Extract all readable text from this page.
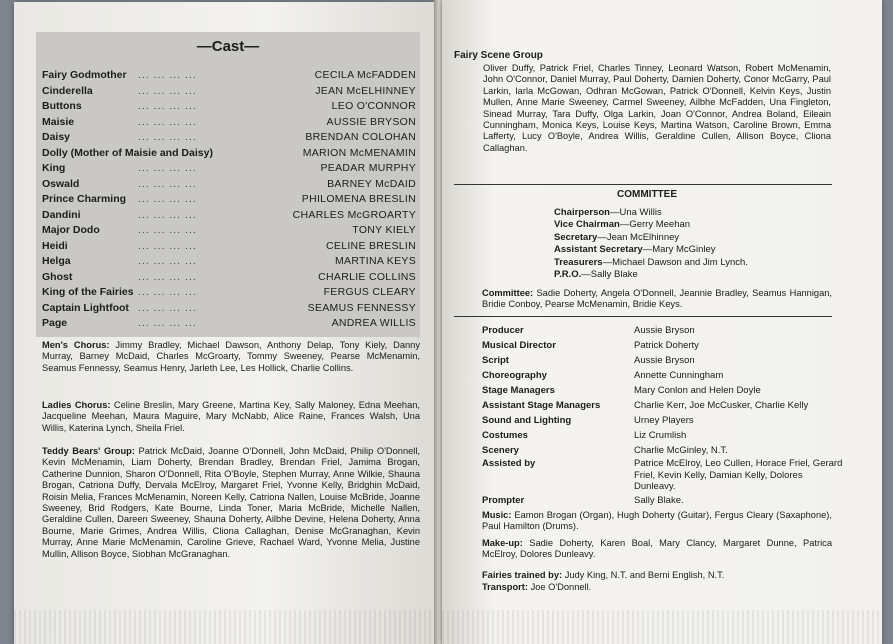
—Cast—
Fairy Godmother ... ... ... ...	CECILA McFADDEN
Cinderella	... ... ... ...	JEAN McELHINNEY
Buttons	... ... ... ...	LEO O'CONNOR
Maisie	... ... ... ...	AUSSIE BRYSON
Daisy	... ... ... ...	BRENDAN COLOHAN
Dolly (Mother of Maisie and Daisy)	MARION McMENAMIN
King	... ... ... ...	PEADAR MURPHY
Oswald	... ... ... ...	BARNEY McDAID
Prince Charming ... ... ... ...	PHILOMENA BRESLIN
Dandini	... ... ... ...	CHARLES McGROARTY
Major Dodo	... ... ... ...	TONY KIELY
Heidi	... ... ... ...	CELINE BRESLIN
Helga	... ... ... ...	MARTINA KEYS
Ghost	... ... ... ...	CHARLIE COLLINS
King of the Fairies ... ... ... ...	FERGUS CLEARY
Captain Lightfoot ... ... ... ...	SEAMUS FENNESSY
Page	... ... ... ...	ANDREA WILLIS
Men's Chorus: Jimmy Bradley, Michael Dawson, Anthony Delap, Tony Kiely, Danny Murray, Barney McDaid, Charles McGroarty, Tommy Sweeney, Pearse McMenamin, Seamus Fennessy, Seamus Henry, Jarleth Lee, Les Hollick, Charlie Collins.
Ladies Chorus: Celine Breslin, Mary Greene, Martina Key, Sally Maloney, Edna Meehan, Jacqueline Meehan, Maura Maguire, Mary McNabb, Alice Raine, Frances Walsh, Una Willis, Katerina Lynch, Sheila Friel.
Teddy Bears' Group: Patrick McDaid, Joanne O'Donnell, John McDaid, Philip O'Donnell, Kevin McMenamin, Liam Doherty, Brendan Bradley, Brendan Friel, Jamima Brogan, Catherine Dunnion, Sharon O'Donnell, Rita O'Boyle, Stephen Murray, Anne Wilkie, Shauna Brogan, Catriona Duffy, Dervala McElroy, Margaret Friel, Yvonne Kelly, Bridghin McDaid, Roisin Melia, Frances McMenamin, Noreen Kelly, Catriona Nallen, Louise McBride, Joanne Sweeney, Brid Rodgers, Kate Bourne, Linda Toner, Maria McBride, Michelle Nallen, Geraldine Cullen, Dareen Sweeney, Shauna Doherty, Ailbhe Devine, Helena Doherty, Anna Bourne, Marie Grimes, Andrea Willis, Cliona Callaghan, Denise McGranaghan, Kevin Murray, Anne Marie McMenamin, Caroline Grieve, Rachael Ward, Yvonne Melia, Justine Mullin, Allison Boyce, Siobhan McGranaghan.
Fairy Scene Group
Oliver Duffy, Patrick Friel, Charles Tinney, Leonard Watson, Robert McMenamin, John O'Connor, Daniel Murray, Paul Doherty, Damien Doherty, Conor McGarry, Paul Larkin, Iarla McGowan, Odhran McGowan, Patrick O'Donnell, Kelvin Keys, Justin Mullen, Anne Marie Sweeney, Carmel Sweeney, Ailbhe McFadden, Una Fingleton, Sinead Murray, Tara Duffy, Olga Larkin, Joan O'Connor, Andrea Boland, Eileain Cunningham, Monica Keys, Louise Keys, Martina Watson, Caroline Brown, Emma Lafferty, Lucy O'Boyle, Andrea Willis, Geraldine Cullen, Allison Boyce, Cliona Callaghan.
COMMITTEE
Chairperson—Una Willis
Vice Chairman—Gerry Meehan
Secretary—Jean McElhinney
Assistant Secretary—Mary McGinley
Treasurers—Michael Dawson and Jim Lynch.
P.R.O.—Sally Blake
Committee: Sadie Doherty, Angela O'Donnell, Jeannie Bradley, Seamus Hannigan, Bridie Conboy, Pearse McMenamin, Bridie Keys.
Producer	Aussie Bryson
Musical Director	Patrick Doherty
Script	Aussie Bryson
Choreography	Annette Cunningham
Stage Managers	Mary Conlon and Helen Doyle
Assistant Stage Managers	Charlie Kerr, Joe McCusker, Charlie Kelly
Sound and Lighting	Urney Players
Costumes	Liz Crumlish
Scenery	Charlie McGinley, N.T.
Assisted by	Patrice McElroy, Leo Cullen, Horace Friel, Gerard Friel, Kevin Kelly, Damian Kelly, Dolores Dunleavy.
Prompter	Sally Blake.
Music: Eamon Brogan (Organ), Hugh Doherty (Guitar), Fergus Cleary (Saxaphone), Paul Hamilton (Drums).
Make-up: Sadie Doherty, Karen Boal, Mary Clancy, Margaret Dunne, Patrica McElroy, Dolores Dunleavy.
Fairies trained by: Judy King, N.T. and Berni English, N.T.
Transport: Joe O'Donnell.
